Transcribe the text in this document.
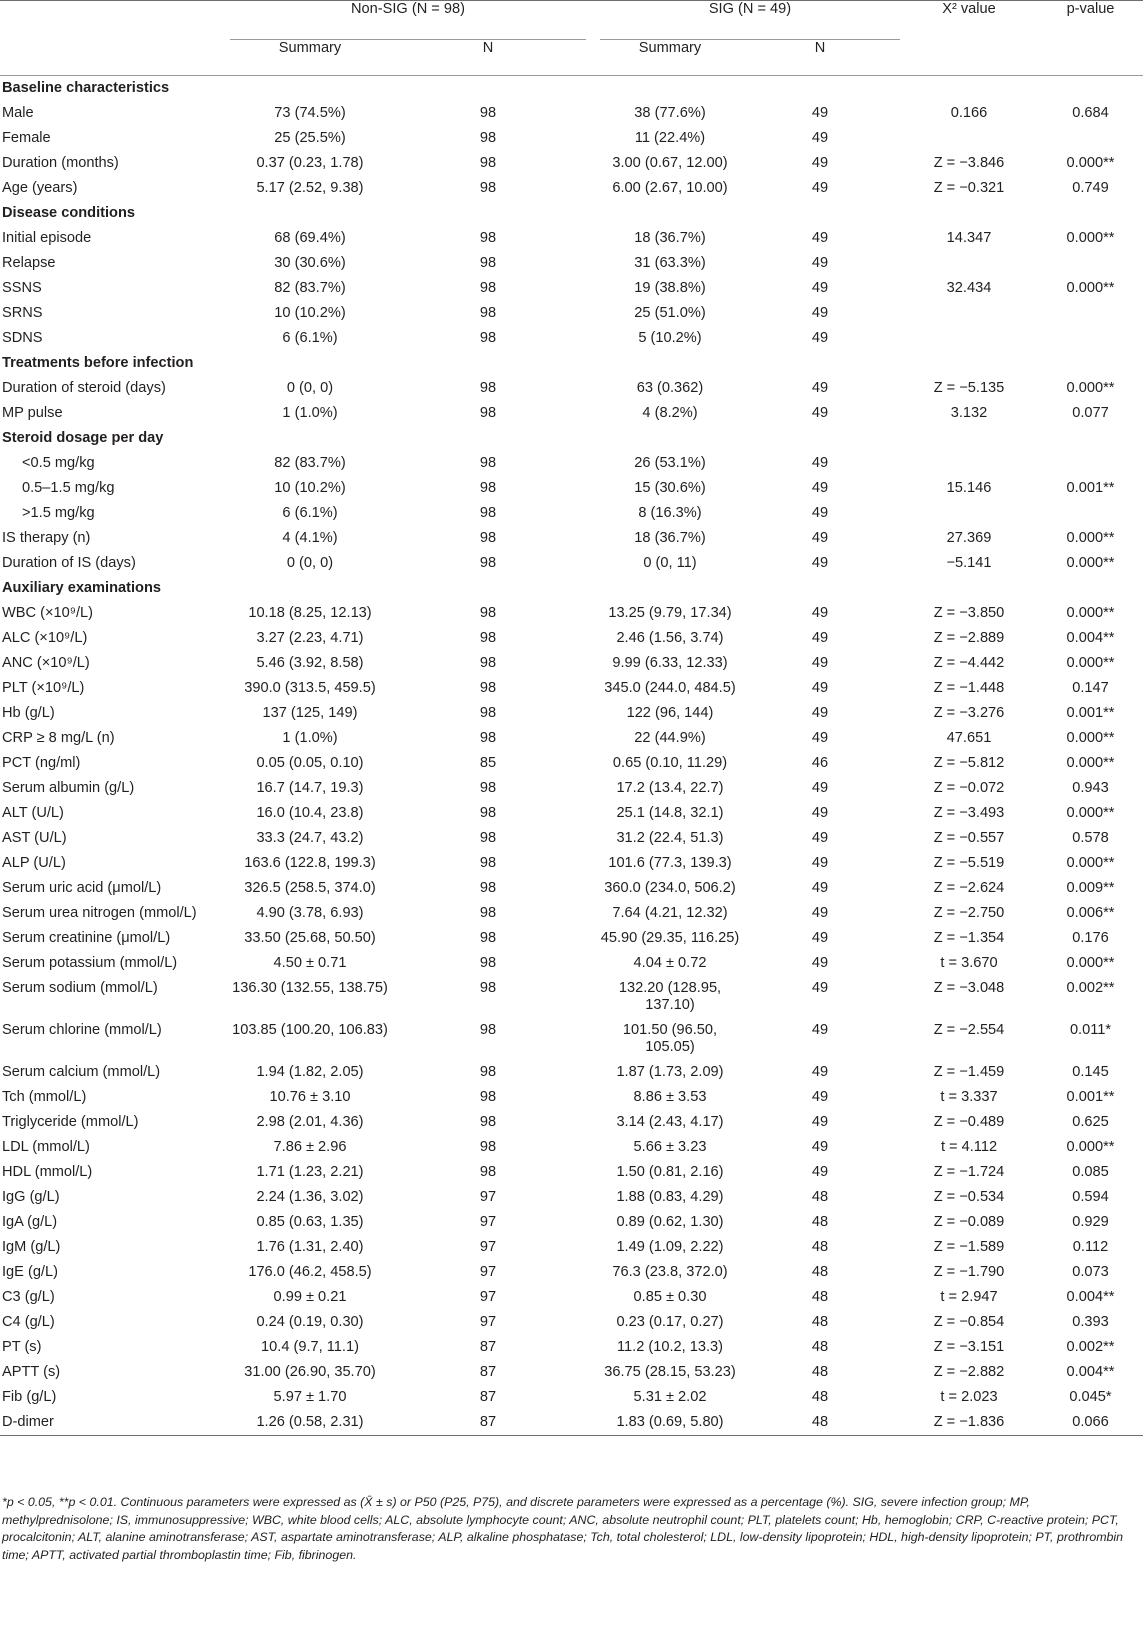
	Non-SIG (N = 98)			SIG (N = 49)		X² value	p-value
	Summary	N		Summary	N		

Baseline characteristics							
Male	73 (74.5%)	98		38 (77.6%)	49	0.166	0.684
Female	25 (25.5%)	98		11 (22.4%)	49		
Duration (months)	0.37 (0.23, 1.78)	98		3.00 (0.67, 12.00)	49	Z = −3.846	0.000**
Age (years)	5.17 (2.52, 9.38)	98		6.00 (2.67, 10.00)	49	Z = −0.321	0.749
Disease conditions							
Initial episode	68 (69.4%)	98		18 (36.7%)	49	14.347	0.000**
Relapse	30 (30.6%)	98		31 (63.3%)	49		
SSNS	82 (83.7%)	98		19 (38.8%)	49	32.434	0.000**
SRNS	10 (10.2%)	98		25 (51.0%)	49		
SDNS	6 (6.1%)	98		5 (10.2%)	49		
Treatments before infection							
Duration of steroid (days)	0 (0, 0)	98		63 (0.362)	49	Z = −5.135	0.000**
MP pulse	1 (1.0%)	98		4 (8.2%)	49	3.132	0.077
Steroid dosage per day							
<0.5 mg/kg	82 (83.7%)	98		26 (53.1%)	49		
0.5–1.5 mg/kg	10 (10.2%)	98		15 (30.6%)	49	15.146	0.001**
>1.5 mg/kg	6 (6.1%)	98		8 (16.3%)	49		
IS therapy (n)	4 (4.1%)	98		18 (36.7%)	49	27.369	0.000**
Duration of IS (days)	0 (0, 0)	98		0 (0, 11)	49	−5.141	0.000**
Auxiliary examinations							
WBC (×10⁹/L)	10.18 (8.25, 12.13)	98		13.25 (9.79, 17.34)	49	Z = −3.850	0.000**
ALC (×10⁹/L)	3.27 (2.23, 4.71)	98		2.46 (1.56, 3.74)	49	Z = −2.889	0.004**
ANC (×10⁹/L)	5.46 (3.92, 8.58)	98		9.99 (6.33, 12.33)	49	Z = −4.442	0.000**
PLT (×10⁹/L)	390.0 (313.5, 459.5)	98		345.0 (244.0, 484.5)	49	Z = −1.448	0.147
Hb (g/L)	137 (125, 149)	98		122 (96, 144)	49	Z = −3.276	0.001**
CRP ≥ 8 mg/L (n)	1 (1.0%)	98		22 (44.9%)	49	47.651	0.000**
PCT (ng/ml)	0.05 (0.05, 0.10)	85		0.65 (0.10, 11.29)	46	Z = −5.812	0.000**
Serum albumin (g/L)	16.7 (14.7, 19.3)	98		17.2 (13.4, 22.7)	49	Z = −0.072	0.943
ALT (U/L)	16.0 (10.4, 23.8)	98		25.1 (14.8, 32.1)	49	Z = −3.493	0.000**
AST (U/L)	33.3 (24.7, 43.2)	98		31.2 (22.4, 51.3)	49	Z = −0.557	0.578
ALP (U/L)	163.6 (122.8, 199.3)	98		101.6 (77.3, 139.3)	49	Z = −5.519	0.000**
Serum uric acid (μmol/L)	326.5 (258.5, 374.0)	98		360.0 (234.0, 506.2)	49	Z = −2.624	0.009**
Serum urea nitrogen (mmol/L)	4.90 (3.78, 6.93)	98		7.64 (4.21, 12.32)	49	Z = −2.750	0.006**
Serum creatinine (μmol/L)	33.50 (25.68, 50.50)	98		45.90 (29.35, 116.25)	49	Z = −1.354	0.176
Serum potassium (mmol/L)	4.50 ± 0.71	98		4.04 ± 0.72	49	t = 3.670	0.000**
Serum sodium (mmol/L)	136.30 (132.55, 138.75)	98		132.20 (128.95, 137.10)	49	Z = −3.048	0.002**
Serum chlorine (mmol/L)	103.85 (100.20, 106.83)	98		101.50 (96.50, 105.05)	49	Z = −2.554	0.011*
Serum calcium (mmol/L)	1.94 (1.82, 2.05)	98		1.87 (1.73, 2.09)	49	Z = −1.459	0.145
Tch (mmol/L)	10.76 ± 3.10	98		8.86 ± 3.53	49	t = 3.337	0.001**
Triglyceride (mmol/L)	2.98 (2.01, 4.36)	98		3.14 (2.43, 4.17)	49	Z = −0.489	0.625
LDL (mmol/L)	7.86 ± 2.96	98		5.66 ± 3.23	49	t = 4.112	0.000**
HDL (mmol/L)	1.71 (1.23, 2.21)	98		1.50 (0.81, 2.16)	49	Z = −1.724	0.085
IgG (g/L)	2.24 (1.36, 3.02)	97		1.88 (0.83, 4.29)	48	Z = −0.534	0.594
IgA (g/L)	0.85 (0.63, 1.35)	97		0.89 (0.62, 1.30)	48	Z = −0.089	0.929
IgM (g/L)	1.76 (1.31, 2.40)	97		1.49 (1.09, 2.22)	48	Z = −1.589	0.112
IgE (g/L)	176.0 (46.2, 458.5)	97		76.3 (23.8, 372.0)	48	Z = −1.790	0.073
C3 (g/L)	0.99 ± 0.21	97		0.85 ± 0.30	48	t = 2.947	0.004**
C4 (g/L)	0.24 (0.19, 0.30)	97		0.23 (0.17, 0.27)	48	Z = −0.854	0.393
PT (s)	10.4 (9.7, 11.1)	87		11.2 (10.2, 13.3)	48	Z = −3.151	0.002**
APTT (s)	31.00 (26.90, 35.70)	87		36.75 (28.15, 53.23)	48	Z = −2.882	0.004**
Fib (g/L)	5.97 ± 1.70	87		5.31 ± 2.02	48	t = 2.023	0.045*
D-dimer	1.26 (0.58, 2.31)	87		1.83 (0.69, 5.80)	48	Z = −1.836	0.066

*p < 0.05, **p < 0.01. Continuous parameters were expressed as (X̄ ± s) or P50 (P25, P75), and discrete parameters were expressed as a percentage (%). SIG, severe infection group; MP, methylprednisolone; IS, immunosuppressive; WBC, white blood cells; ALC, absolute lymphocyte count; ANC, absolute neutrophil count; PLT, platelets count; Hb, hemoglobin; CRP, C-reactive protein; PCT, procalcitonin; ALT, alanine aminotransferase; AST, aspartate aminotransferase; ALP, alkaline phosphatase; Tch, total cholesterol; LDL, low-density lipoprotein; HDL, high-density lipoprotein; PT, prothrombin time; APTT, activated partial thromboplastin time; Fib, fibrinogen.
